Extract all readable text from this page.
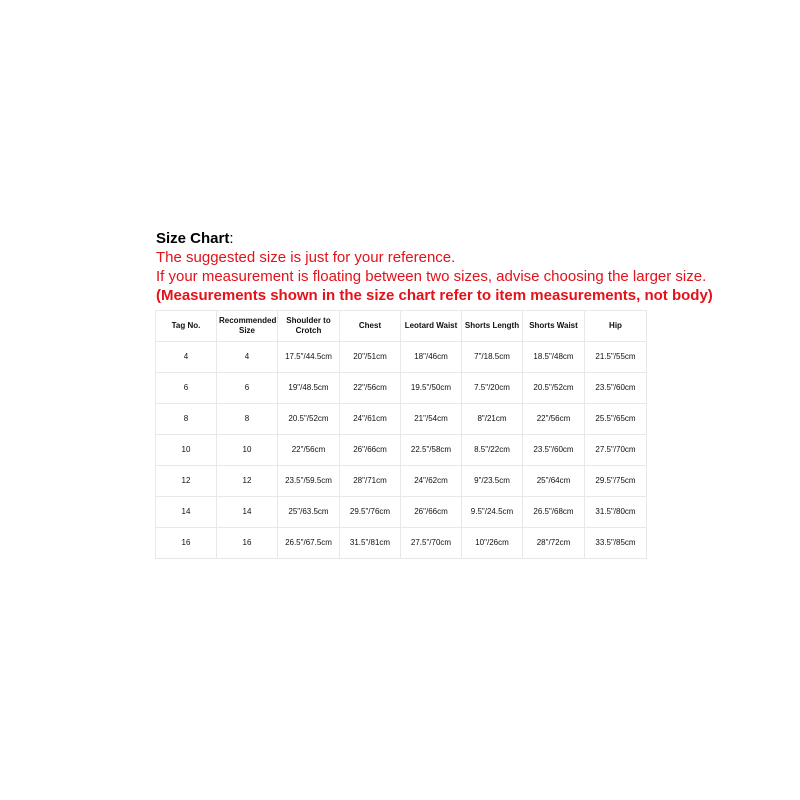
Size Chart:
The suggested size is just for your reference.
If your measurement is floating between two sizes, advise choosing the larger size.
(Measurements shown in the size chart refer to item measurements, not body)
Tag No.	Recommended Size	Shoulder to Crotch	Chest	Leotard Waist	Shorts Length	Shorts Waist	Hip
4	4	17.5"/44.5cm	20"/51cm	18"/46cm	7"/18.5cm	18.5"/48cm	21.5"/55cm
6	6	19"/48.5cm	22"/56cm	19.5"/50cm	7.5"/20cm	20.5"/52cm	23.5"/60cm
8	8	20.5"/52cm	24"/61cm	21"/54cm	8"/21cm	22"/56cm	25.5"/65cm
10	10	22"/56cm	26"/66cm	22.5"/58cm	8.5"/22cm	23.5"/60cm	27.5"/70cm
12	12	23.5"/59.5cm	28"/71cm	24"/62cm	9"/23.5cm	25"/64cm	29.5"/75cm
14	14	25"/63.5cm	29.5"/76cm	26"/66cm	9.5"/24.5cm	26.5"/68cm	31.5"/80cm
16	16	26.5"/67.5cm	31.5"/81cm	27.5"/70cm	10"/26cm	28"/72cm	33.5"/85cm
